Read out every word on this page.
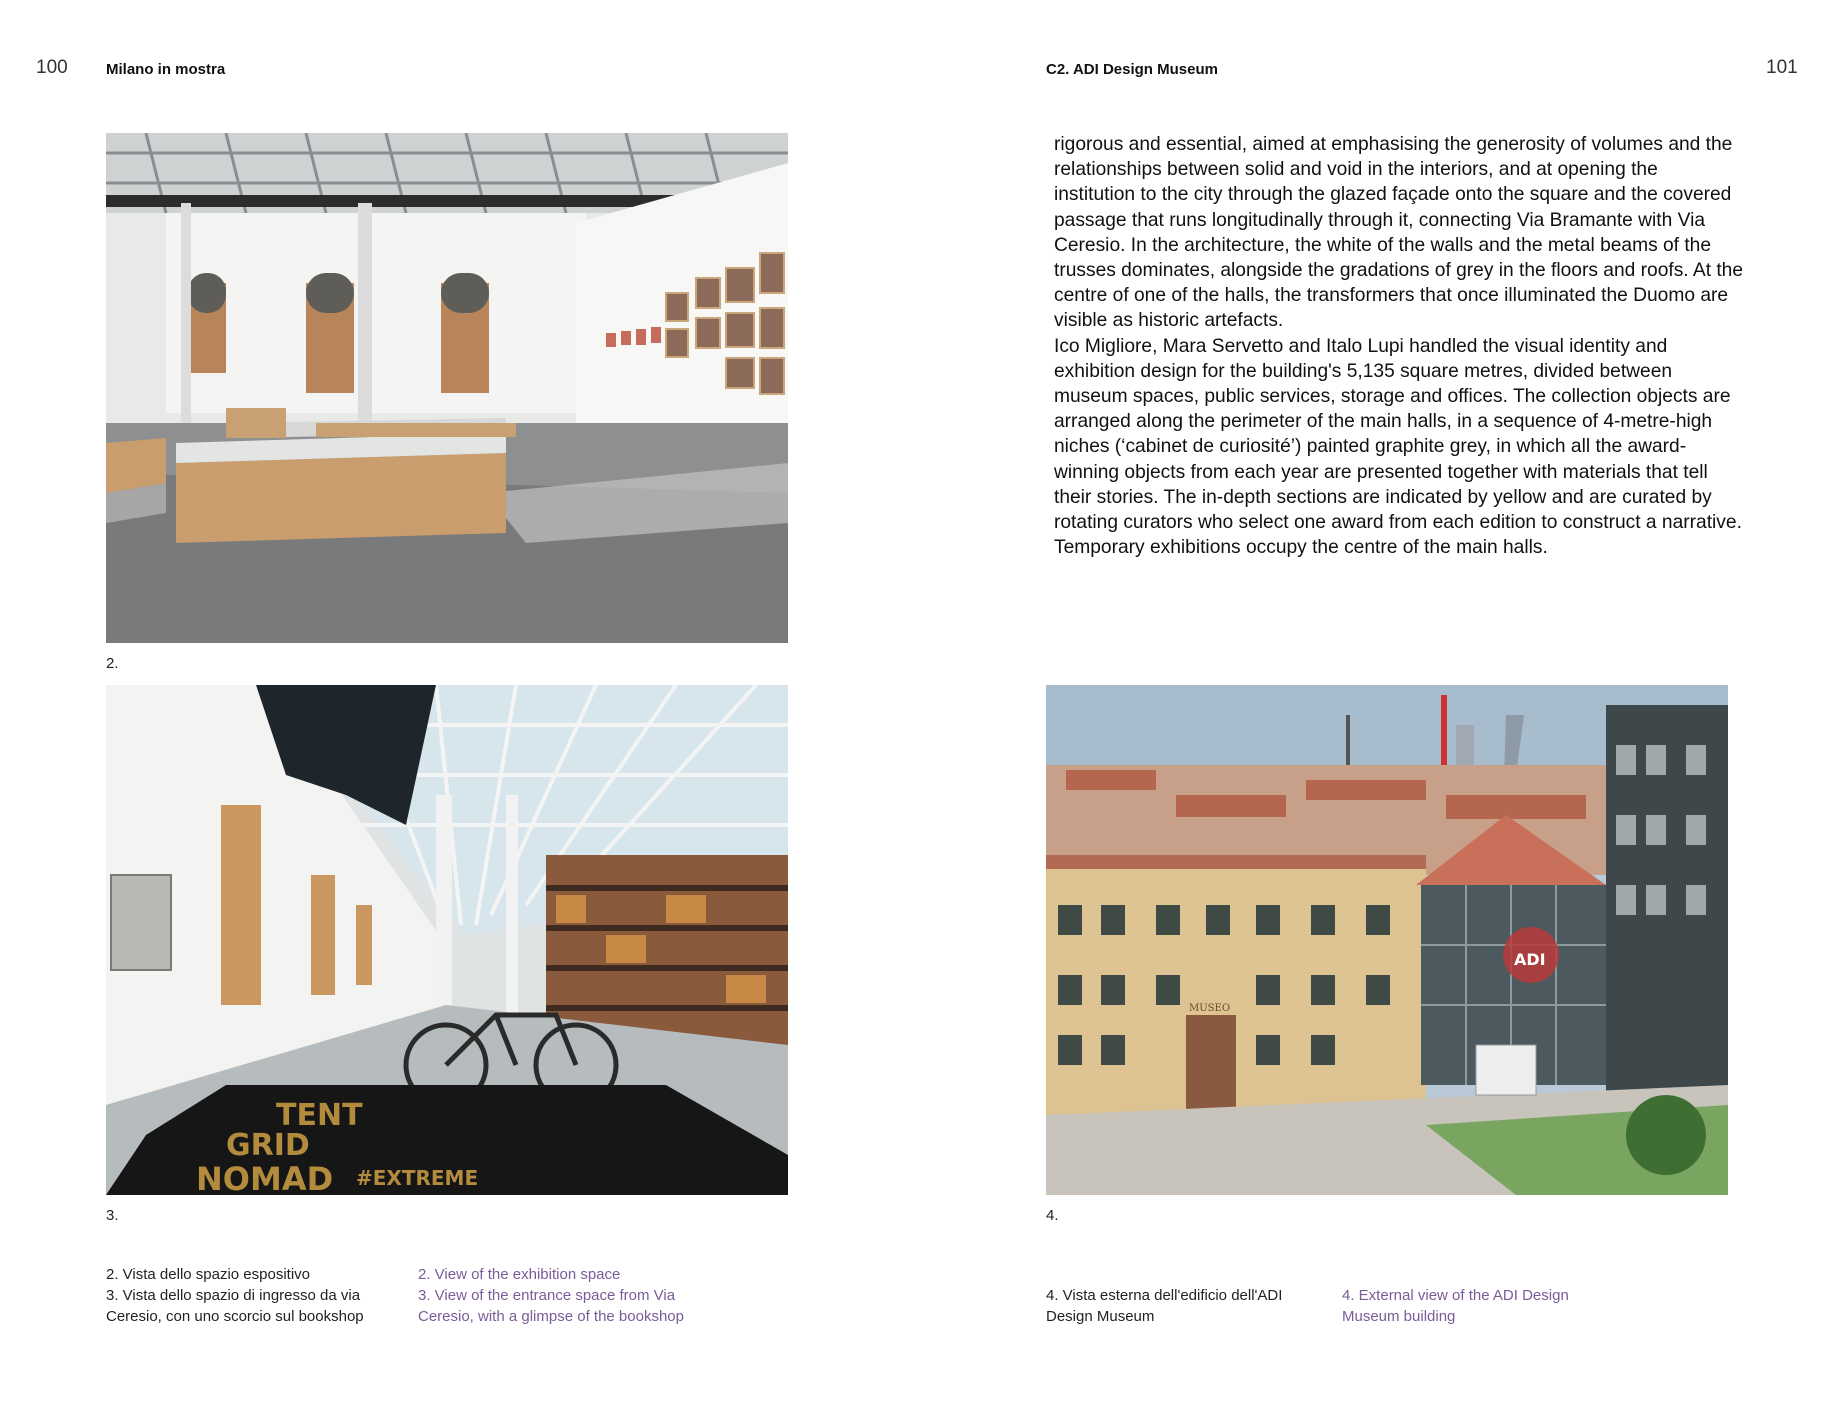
100	Milano in mostra	C2. ADI Design Museum	101
2.
TENT
GRID
NOMAD #EXTREME
3.

rigorous and essential, aimed at emphasising the generosity of volumes and the relationships between solid and void in the interiors, and at opening the institution to the city through the glazed façade onto the square and the covered passage that runs longitudinally through it, connecting Via Bramante with Via Ceresio. In the architecture, the white of the walls and the metal beams of the trusses dominates, alongside the gradations of grey in the floors and roofs. At the centre of one of the halls, the transformers that once illuminated the Duomo are visible as historic artefacts.

Ico Migliore, Mara Servetto and Italo Lupi handled the visual identity and exhibition design for the building's 5,135 square metres, divided between museum spaces, public services, storage and offices. The collection objects are arranged along the perimeter of the main halls, in a sequence of 4-metre-high niches (‘cabinet de curiosité’) painted graphite grey, in which all the award-winning objects from each year are presented together with materials that tell their stories. The in-depth sections are indicated by yellow and are curated by rotating curators who select one award from each edition to construct a narrative. Temporary exhibitions occupy the centre of the main halls.

MUSEO
ADI
4.

2. Vista dello spazio espositivo

3. Vista dello spazio di ingresso da via Ceresio, con uno scorcio sul bookshop

2. View of the exhibition space

3. View of the entrance space from Via Ceresio, with a glimpse of the bookshop

4. Vista esterna dell'edificio dell'ADI Design Museum

4. External view of the ADI Design Museum building
